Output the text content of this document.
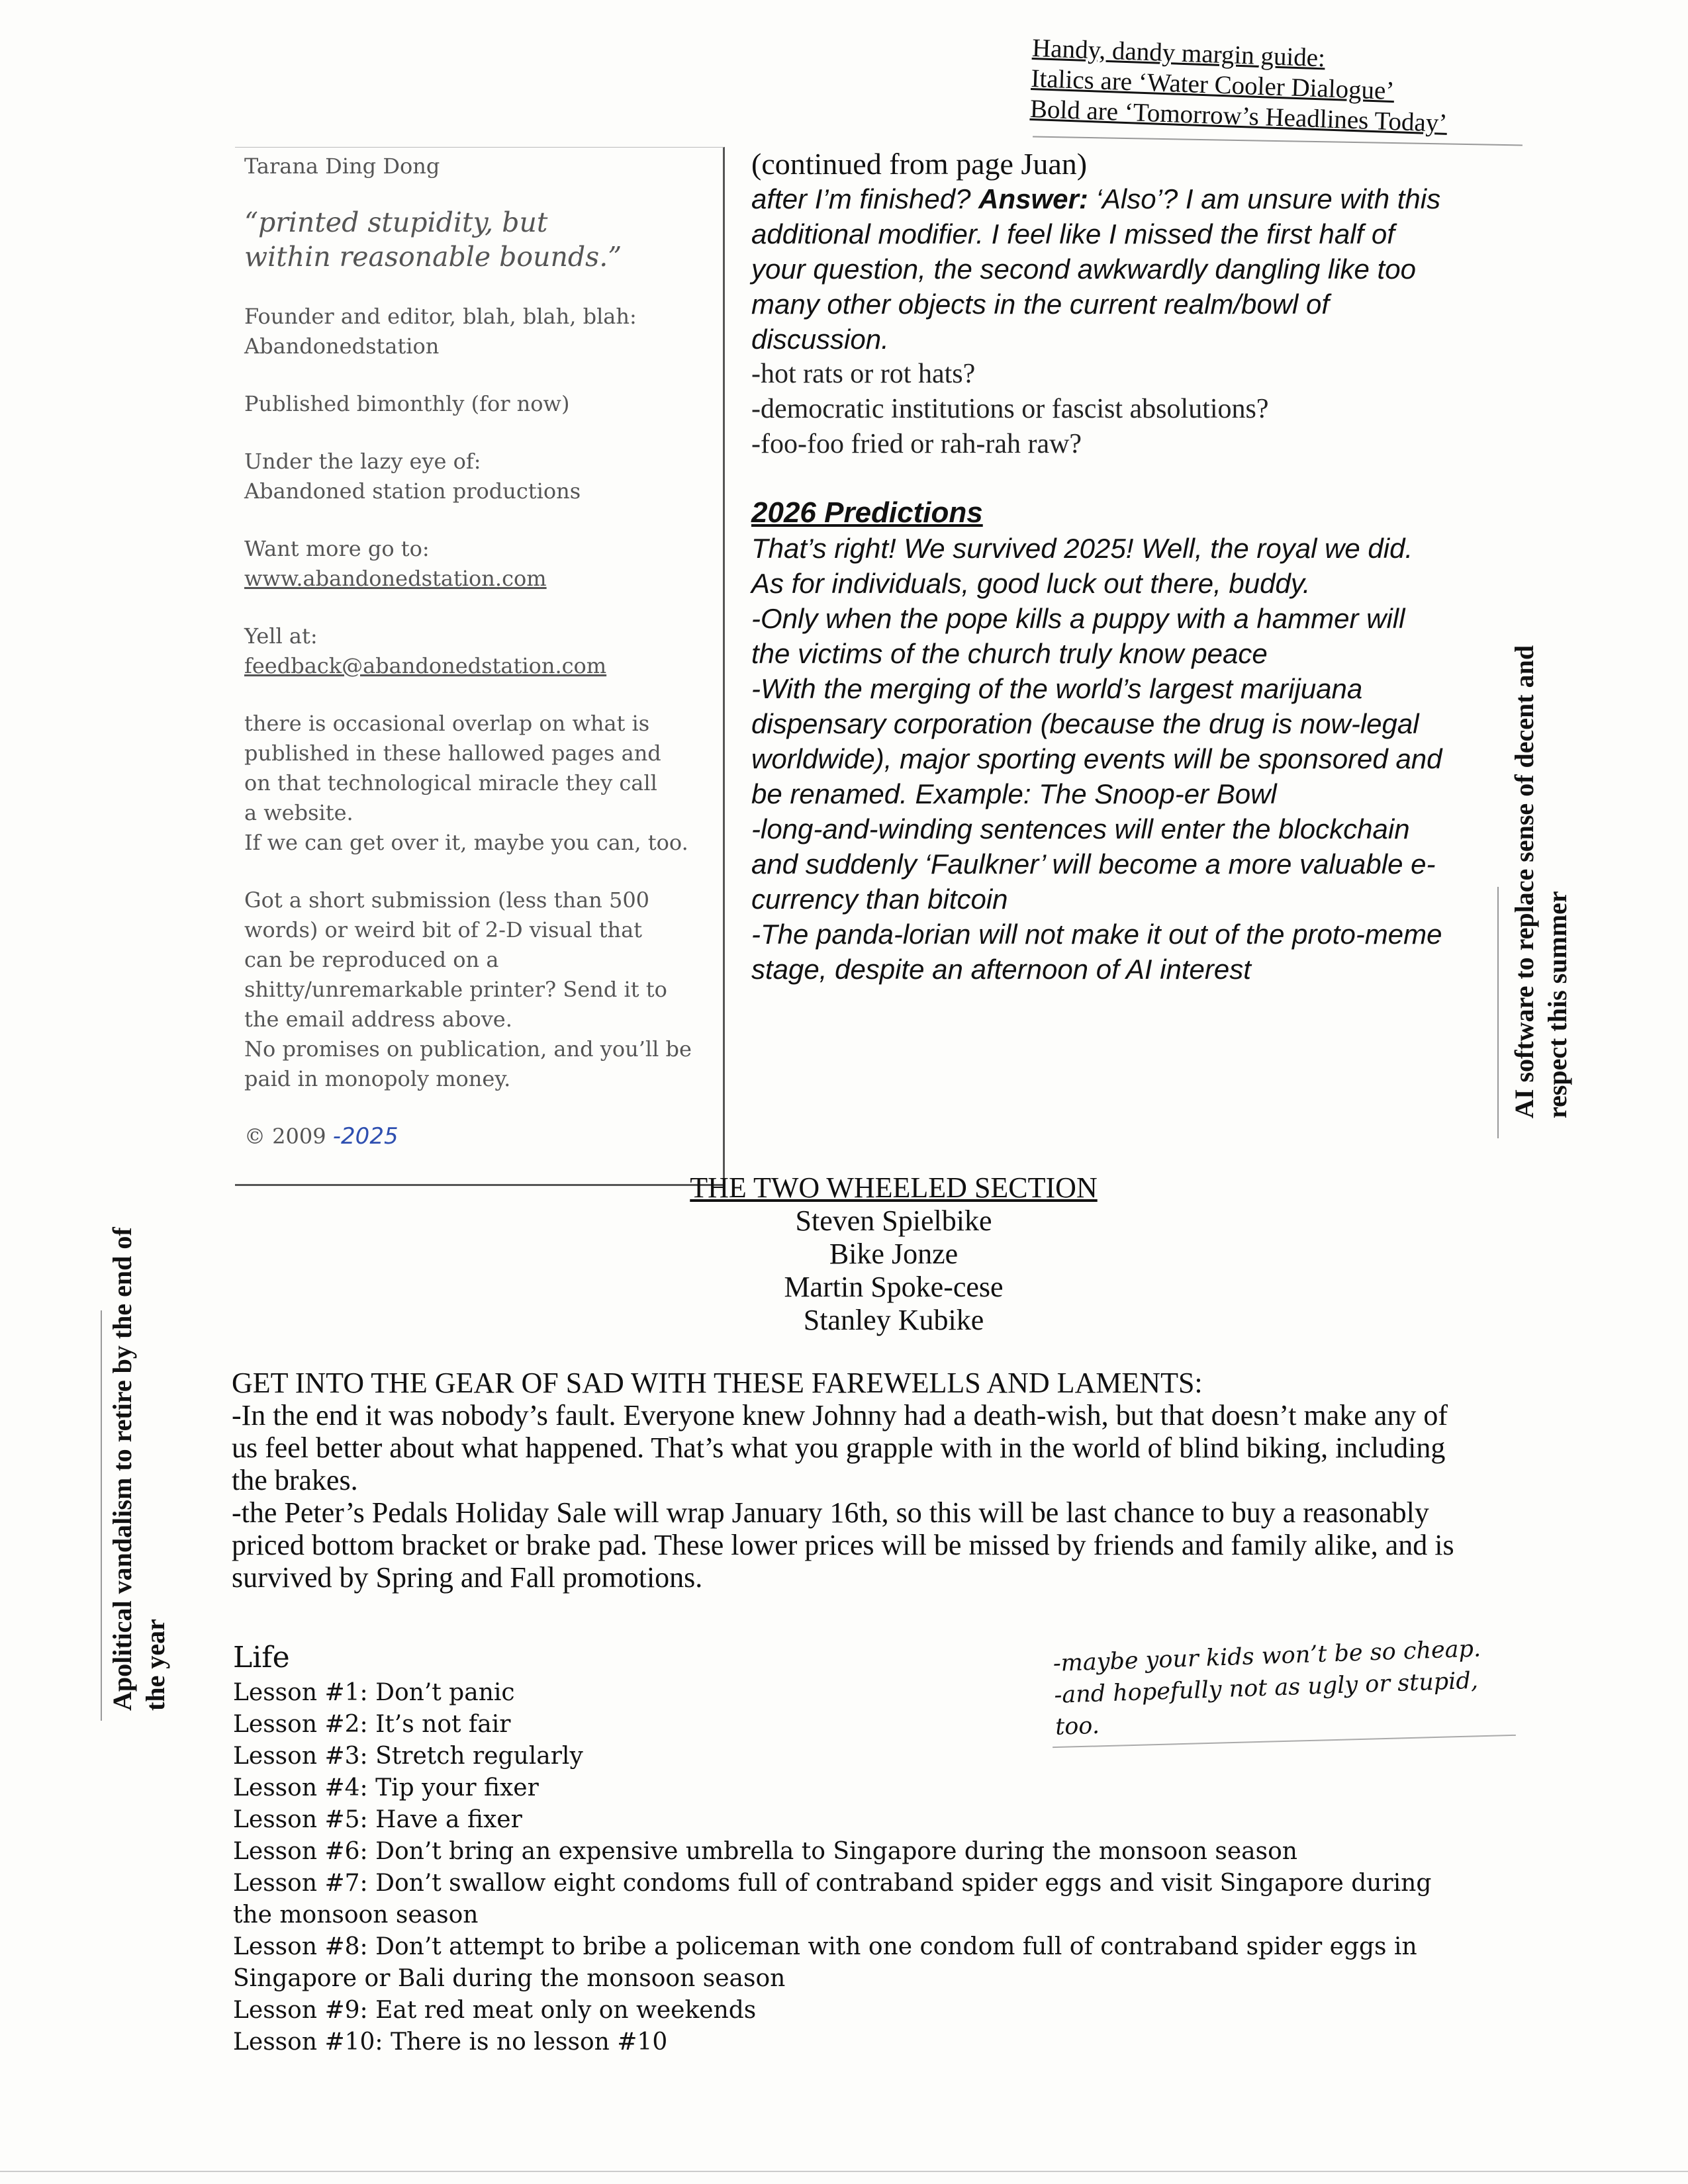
Handy, dandy margin guide:
Italics are ‘Water Cooler Dialogue’
Bold are ‘Tomorrow’s Headlines Today’

Tarana Ding Dong

“printed stupidity, but

within reasonable bounds.”

Founder and editor, blah, blah, blah:

Abandonedstation

Published bimonthly (for now)

Under the lazy eye of:

Abandoned station productions

Want more go to:

www.abandonedstation.com

Yell at:

feedback@abandonedstation.com

there is occasional overlap on what is

published in these hallowed pages and

on that technological miracle they call

a website.

If we can get over it, maybe you can, too.

Got a short submission (less than 500

words) or weird bit of 2-D visual that

can be reproduced on a

shitty/unremarkable printer? Send it to

the email address above.

No promises on publication, and you’ll be

paid in monopoly money.

© 2009 -2025

(continued from page Juan)

after I’m finished? Answer: ‘Also’? I am unsure with this additional modifier. I feel like I missed the first half of your question, the second awkwardly dangling like too many other objects in the current realm/bowl of discussion.

-hot rats or rot hats?

-democratic institutions or fascist absolutions?

-foo-foo fried or rah-rah raw?

2026 Predictions

That’s right! We survived 2025! Well, the royal we did. As for individuals, good luck out there, buddy.

-Only when the pope kills a puppy with a hammer will the victims of the church truly know peace

-With the merging of the world’s largest marijuana dispensary corporation (because the drug is now-legal worldwide), major sporting events will be sponsored and be renamed. Example: The Snoop-er Bowl

-long-and-winding sentences will enter the blockchain and suddenly ‘Faulkner’ will become a more valuable e-currency than bitcoin

-The panda-lorian will not make it out of the proto-meme stage, despite an afternoon of AI interest	AI software to replace sense of decent and respect this summer
Apolitical vandalism to retire by the end of the year
THE TWO WHEELED SECTION
Steven Spielbike
Bike Jonze
Martin Spoke-cese
Stanley Kubike

GET INTO THE GEAR OF SAD WITH THESE FAREWELLS AND LAMENTS:

-In the end it was nobody’s fault. Everyone knew Johnny had a death-wish, but that doesn’t make any of us feel better about what happened. That’s what you grapple with in the world of blind biking, including the brakes.

-the Peter’s Pedals Holiday Sale will wrap January 16th, so this will be last chance to buy a reasonably priced bottom bracket or brake pad. These lower prices will be missed by friends and family alike, and is survived by Spring and Fall promotions.

Life
Lesson #1: Don’t panic
Lesson #2: It’s not fair
Lesson #3: Stretch regularly
Lesson #4: Tip your fixer
Lesson #5: Have a fixer
Lesson #6: Don’t bring an expensive umbrella to Singapore during the monsoon season
Lesson #7: Don’t swallow eight condoms full of contraband spider eggs and visit Singapore during the monsoon season
Lesson #8: Don’t attempt to bribe a policeman with one condom full of contraband spider eggs in Singapore or Bali during the monsoon season
Lesson #9: Eat red meat only on weekends
Lesson #10: There is no lesson #10
-maybe your kids won’t be so cheap.
-and hopefully not as ugly or stupid, too.
